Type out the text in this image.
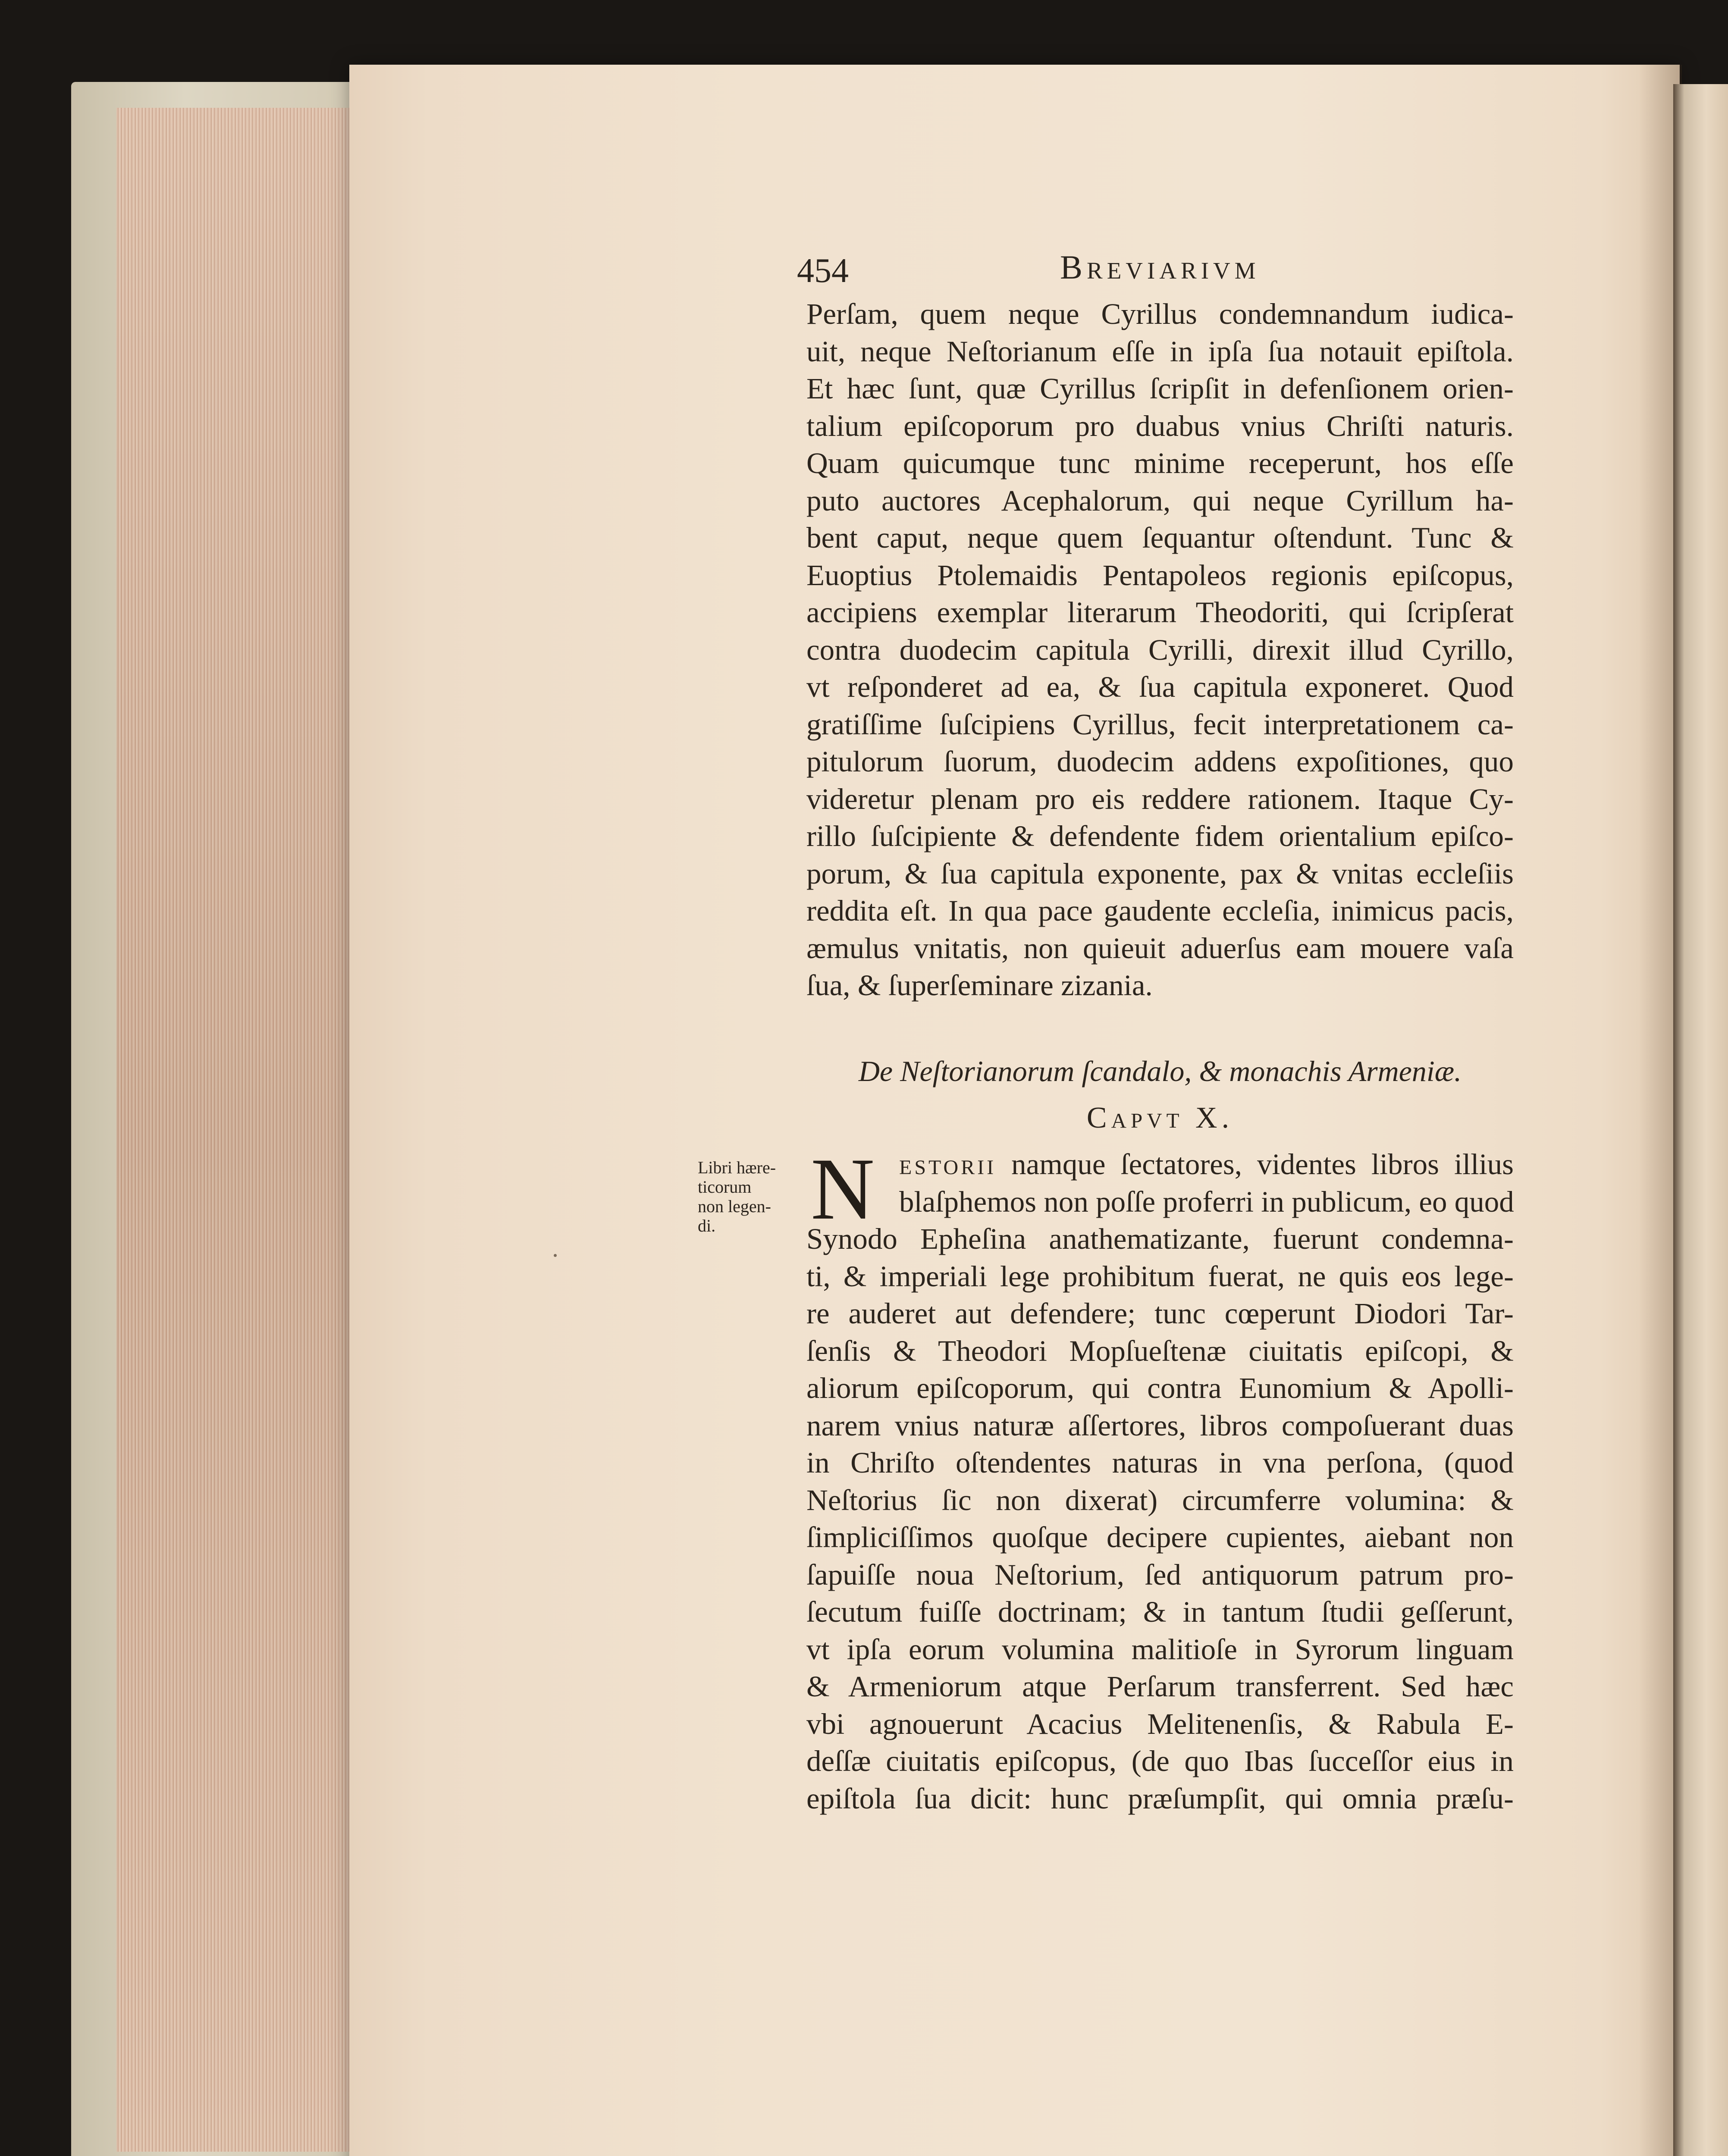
454	Breviarivm
Perſam, quem neque Cyrillus condemnandum iudica-
uit, neque Neſtorianum eſſe in ipſa ſua notauit epiſtola.
Et hæc ſunt, quæ Cyrillus ſcripſit in defenſionem orien-
talium epiſcoporum pro duabus vnius Chriſti naturis.
Quam quicumque tunc minime receperunt, hos eſſe
puto auctores Acephalorum, qui neque Cyrillum ha-
bent caput, neque quem ſequantur oſtendunt. Tunc &
Euoptius Ptolemaidis Pentapoleos regionis epiſcopus,
accipiens exemplar literarum Theodoriti, qui ſcripſerat
contra duodecim capitula Cyrilli, direxit illud Cyrillo,
vt reſponderet ad ea, & ſua capitula exponeret. Quod
gratiſſime ſuſcipiens Cyrillus, fecit interpretationem ca-
pitulorum ſuorum, duodecim addens expoſitiones, quo
videretur plenam pro eis reddere rationem. Itaque Cy-
rillo ſuſcipiente & defendente fidem orientalium epiſco-
porum, & ſua capitula exponente, pax & vnitas eccleſiis
reddita eſt. In qua pace gaudente eccleſia, inimicus pacis,
æmulus vnitatis, non quieuit aduerſus eam mouere vaſa
ſua, & ſuperſeminare zizania.
De Neſtorianorum ſcandalo, & monachis Armeniæ.
Capvt X.
N estorii namque ſectatores, videntes libros illius
blaſphemos non poſſe proferri in publicum, eo quod
Synodo Epheſina anathematizante, fuerunt condemna-
ti, & imperiali lege prohibitum fuerat, ne quis eos lege-
re auderet aut defendere; tunc cœperunt Diodori Tar-
ſenſis & Theodori Mopſueſtenæ ciuitatis epiſcopi, &
aliorum epiſcoporum, qui contra Eunomium & Apolli-
narem vnius naturæ aſſertores, libros compoſuerant duas
in Chriſto oſtendentes naturas in vna perſona, (quod
Neſtorius ſic non dixerat) circumferre volumina: &
ſimpliciſſimos quoſque decipere cupientes, aiebant non
ſapuiſſe noua Neſtorium, ſed antiquorum patrum pro-
ſecutum fuiſſe doctrinam; & in tantum ſtudii geſſerunt,
vt ipſa eorum volumina malitioſe in Syrorum linguam
& Armeniorum atque Perſarum transferrent. Sed hæc
vbi agnouerunt Acacius Melitenenſis, & Rabula E-
deſſæ ciuitatis epiſcopus, (de quo Ibas ſucceſſor eius in
epiſtola ſua dicit: hunc præſumpſit, qui omnia præſu-
Libri hære-
ticorum
non legen-
di.
